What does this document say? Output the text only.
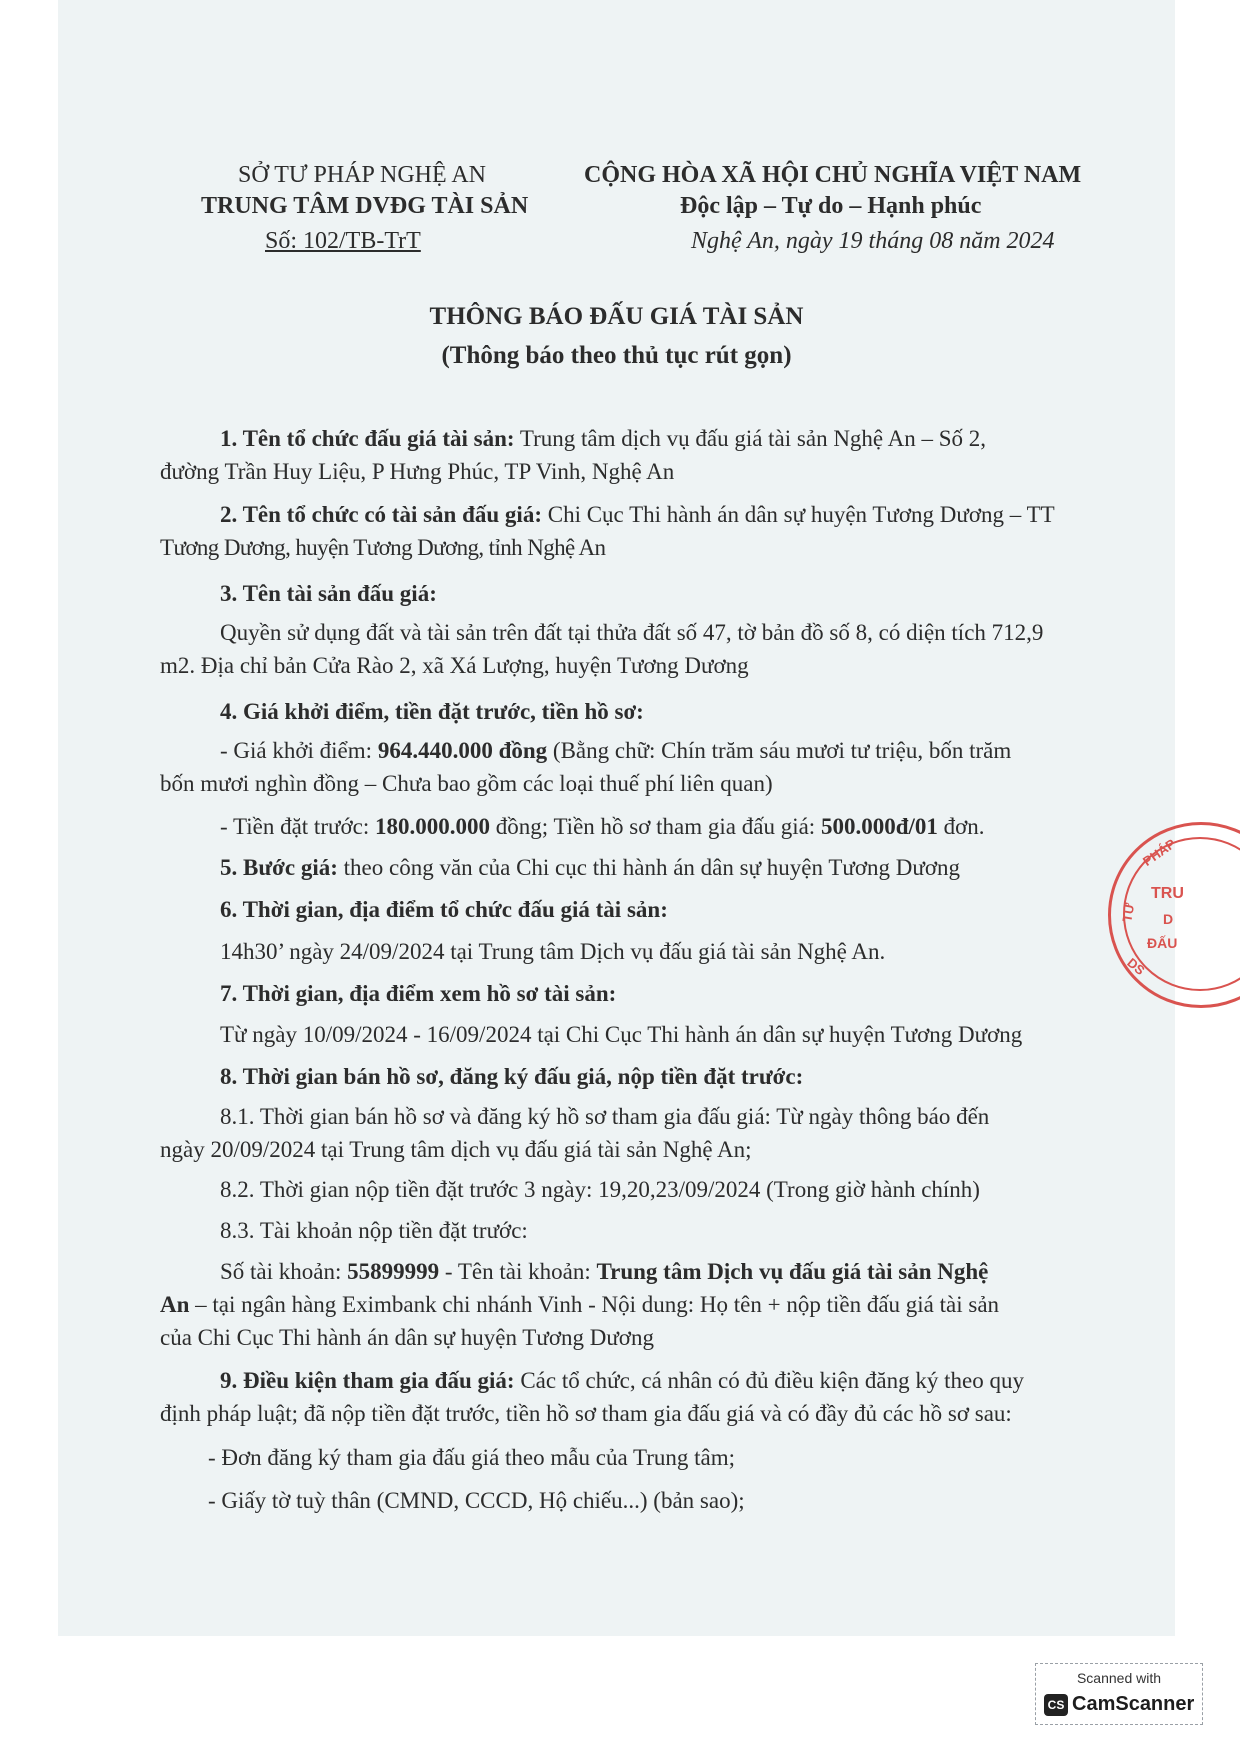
SỞ TƯ PHÁP NGHỆ AN
TRUNG TÂM DVĐG TÀI SẢN
Số: 102/TB-TrT
CỘNG HÒA XÃ HỘI CHỦ NGHĨA VIỆT NAM
Độc lập – Tự do – Hạnh phúc
Nghệ An, ngày 19 tháng 08 năm 2024
THÔNG BÁO ĐẤU GIÁ TÀI SẢN
(Thông báo theo thủ tục rút gọn)
1. Tên tổ chức đấu giá tài sản: Trung tâm dịch vụ đấu giá tài sản Nghệ An – Số 2,
đường Trần Huy Liệu, P Hưng Phúc, TP Vinh, Nghệ An
2. Tên tổ chức có tài sản đấu giá: Chi Cục Thi hành án dân sự huyện Tương Dương – TT
Tương Dương, huyện Tương Dương, tỉnh Nghệ An
3. Tên tài sản đấu giá:
Quyền sử dụng đất và tài sản trên đất tại thửa đất số 47, tờ bản đồ số 8, có diện tích 712,9
m2. Địa chỉ bản Cửa Rào 2, xã Xá Lượng, huyện Tương Dương
4. Giá khởi điểm, tiền đặt trước, tiền hồ sơ:
- Giá khởi điểm: 964.440.000 đồng (Bằng chữ: Chín trăm sáu mươi tư triệu, bốn trăm
bốn mươi nghìn đồng – Chưa bao gồm các loại thuế phí liên quan)
- Tiền đặt trước: 180.000.000 đồng; Tiền hồ sơ tham gia đấu giá: 500.000đ/01 đơn.
5. Bước giá: theo công văn của Chi cục thi hành án dân sự huyện Tương Dương
6. Thời gian, địa điểm tổ chức đấu giá tài sản:
14h30’ ngày 24/09/2024 tại Trung tâm Dịch vụ đấu giá tài sản Nghệ An.
7. Thời gian, địa điểm xem hồ sơ tài sản:
Từ ngày 10/09/2024 - 16/09/2024 tại Chi Cục Thi hành án dân sự huyện Tương Dương
8. Thời gian bán hồ sơ, đăng ký đấu giá, nộp tiền đặt trước:
8.1. Thời gian bán hồ sơ và đăng ký hồ sơ tham gia đấu giá: Từ ngày thông báo đến
ngày 20/09/2024 tại Trung tâm dịch vụ đấu giá tài sản Nghệ An;
8.2. Thời gian nộp tiền đặt trước 3 ngày: 19,20,23/09/2024 (Trong giờ hành chính)
8.3. Tài khoản nộp tiền đặt trước:
Số tài khoản: 55899999 - Tên tài khoản: Trung tâm Dịch vụ đấu giá tài sản Nghệ
An – tại ngân hàng Eximbank chi nhánh Vinh - Nội dung: Họ tên + nộp tiền đấu giá tài sản
của Chi Cục Thi hành án dân sự huyện Tương Dương
9. Điều kiện tham gia đấu giá: Các tổ chức, cá nhân có đủ điều kiện đăng ký theo quy
định pháp luật; đã nộp tiền đặt trước, tiền hồ sơ tham gia đấu giá và có đầy đủ các hồ sơ sau:
- Đơn đăng ký tham gia đấu giá theo mẫu của Trung tâm;
- Giấy tờ tuỳ thân (CMND, CCCD, Hộ chiếu...) (bản sao);
PHÁP
TRU
D
ĐẤU
TƯ
DS
Scanned with
CS CamScanner
